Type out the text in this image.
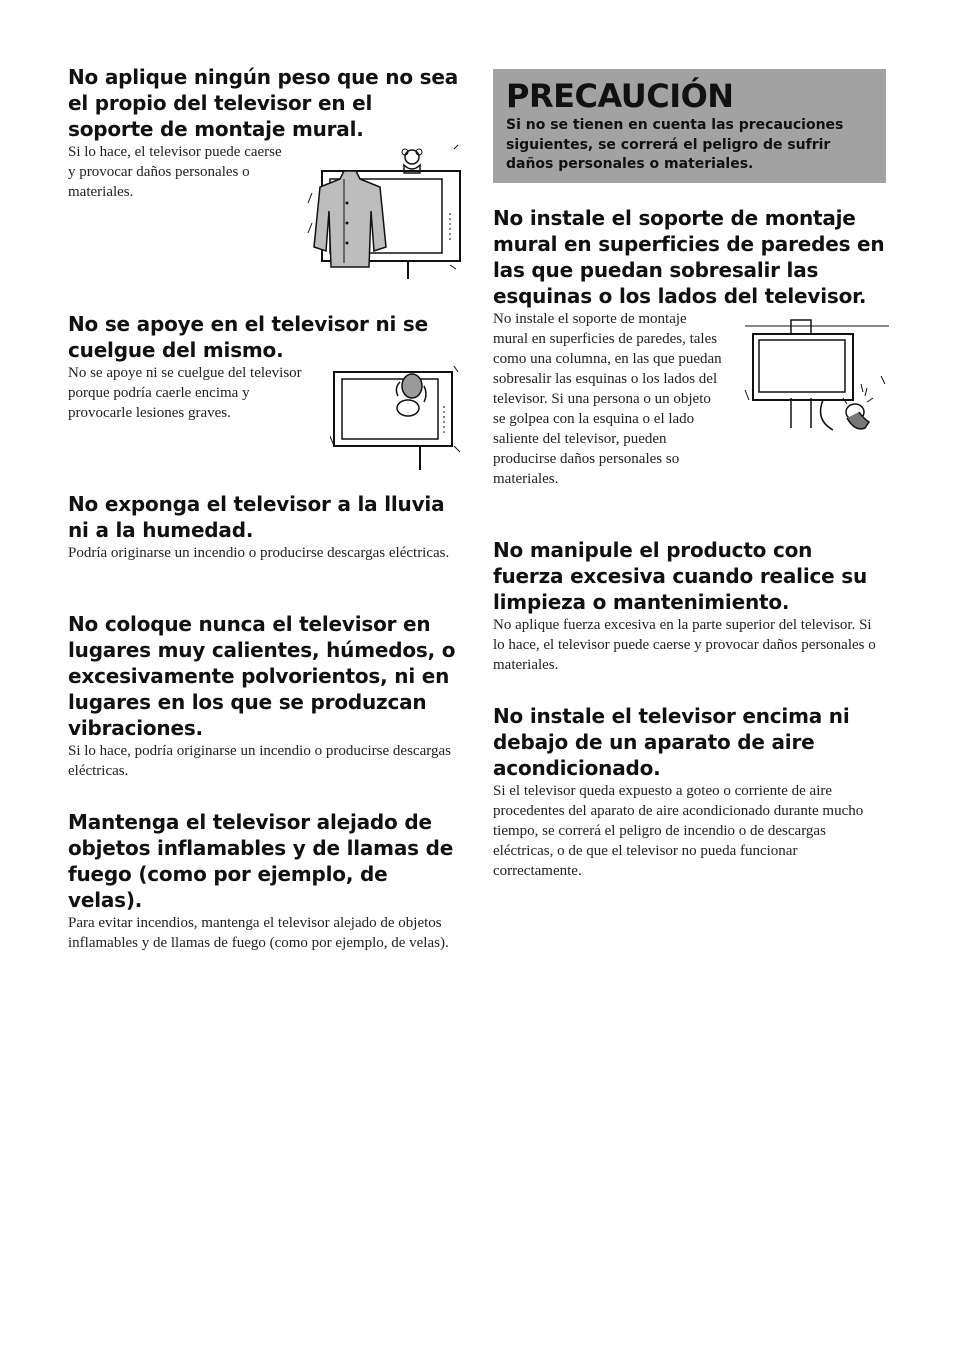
No aplique ningún peso que no sea el propio del televisor en el soporte de montaje mural.

Si lo hace, el televisor puede caerse y provocar daños personales o materiales.

No se apoye en el televisor ni se cuelgue del mismo.

No se apoye ni se cuelgue del televisor porque podría caerle encima y provocarle lesiones graves.

No exponga el televisor a la lluvia ni a la humedad.

Podría originarse un incendio o producirse descargas eléctricas.

No coloque nunca el televisor en lugares muy calientes, húmedos, o excesivamente polvorientos, ni en lugares en los que se produzcan vibraciones.

Si lo hace, podría originarse un incendio o producirse descargas eléctricas.

Mantenga el televisor alejado de objetos inflamables y de llamas de fuego (como por ejemplo, de velas).

Para evitar incendios, mantenga el televisor alejado de objetos inflamables y de llamas de fuego (como por ejemplo, de velas).

PRECAUCIÓN
Si no se tienen en cuenta las precauciones siguientes, se correrá el peligro de sufrir daños personales o materiales.
No instale el soporte de montaje mural en superficies de paredes en las que puedan sobresalir las esquinas o los lados del televisor.

No instale el soporte de montaje mural en superficies de paredes, tales como una columna, en las que puedan sobresalir las esquinas o los lados del televisor. Si una persona o un objeto se golpea con la esquina o el lado saliente del televisor, pueden producirse daños personales so materiales.

No manipule el producto con fuerza excesiva cuando realice su limpieza o mantenimiento.

No aplique fuerza excesiva en la parte superior del televisor. Si lo hace, el televisor puede caerse y provocar daños personales o materiales.

No instale el televisor encima ni debajo de un aparato de aire acondicionado.

Si el televisor queda expuesto a goteo o corriente de aire procedentes del aparato de aire acondicionado durante mucho tiempo, se correrá el peligro de incendio o de descargas eléctricas, o de que el televisor no pueda funcionar correctamente.
